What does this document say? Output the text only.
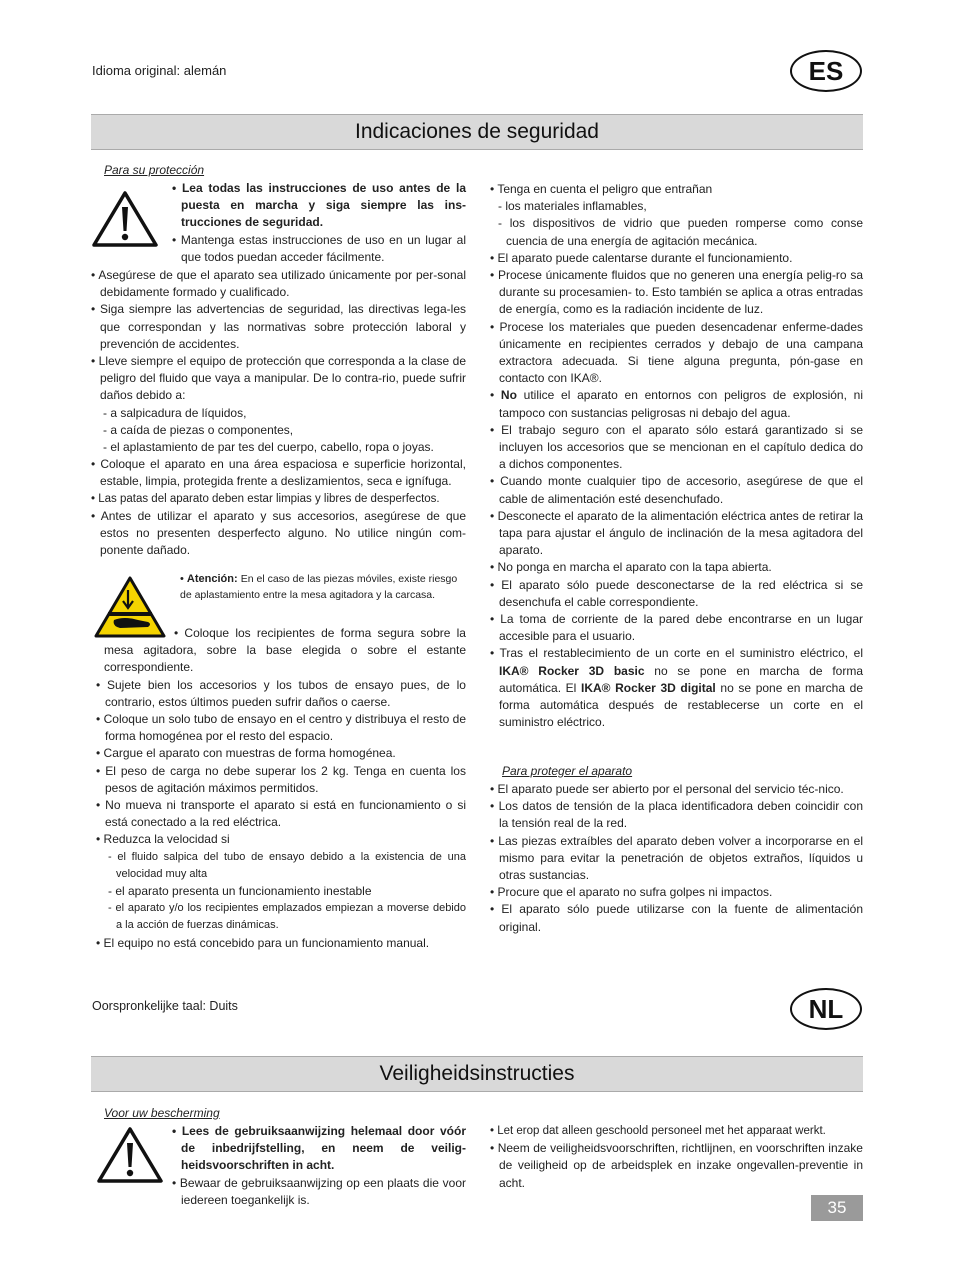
Idioma original: alemán	ES
Indicaciones de seguridad
Para su protección

• Lea todas las instrucciones de uso antes de la puesta en marcha y siga siempre las ins-trucciones de seguridad.

• Mantenga estas instrucciones de uso en un lugar al que todos puedan acceder fácilmente.

• Asegúrese de que el aparato sea utilizado únicamente por per-sonal debidamente formado y cualificado.

• Siga siempre las advertencias de seguridad, las directivas lega-les que correspondan y las normativas sobre protección laboral y prevención de accidentes.

• Lleve siempre el equipo de protección que corresponda a la clase de peligro del fluido que vaya a manipular. De lo contra-rio, puede sufrir daños debido a:

- a salpicadura de líquidos,

- a caída de piezas o componentes,

- el aplastamiento de par tes del cuerpo, cabello, ropa o joyas.

• Coloque el aparato en una área espaciosa e superficie horizontal, estable, limpia, protegida frente a deslizamientos, seca e ignífuga.

• Las patas del aparato deben estar limpias y libres de desperfectos.

• Antes de utilizar el aparato y sus accesorios, asegúrese de que estos no presenten desperfecto alguno. No utilice ningún com-ponente dañado.

• Atención: En el caso de las piezas móviles, existe riesgo de aplastamiento entre la mesa agitadora y la carcasa.

• Coloque los recipientes de forma segura sobre la mesa agitadora, sobre la base elegida o sobre el estante correspondiente.

• Sujete bien los accesorios y los tubos de ensayo pues, de lo contrario, estos últimos pueden sufrir daños o caerse.

• Coloque un solo tubo de ensayo en el centro y distribuya el resto de forma homogénea por el resto del espacio.

• Cargue el aparato con muestras de forma homogénea.

• El peso de carga no debe superar los 2 kg. Tenga en cuenta los pesos de agitación máximos permitidos.

• No mueva ni transporte el aparato si está en funcionamiento o si está conectado a la red eléctrica.

• Reduzca la velocidad si

- el fluido salpica del tubo de ensayo debido a la existencia de una velocidad muy alta

- el aparato presenta un funcionamiento inestable

- el aparato y/o los recipientes emplazados empiezan a moverse debido a la acción de fuerzas dinámicas.

• El equipo no está concebido para un funcionamiento manual.

• Tenga en cuenta el peligro que entrañan

- los materiales inflamables,

- los dispositivos de vidrio que pueden romperse como conse cuencia de una energía de agitación mecánica.

• El aparato puede calentarse durante el funcionamiento.

• Procese únicamente fluidos que no generen una energía pelig-ro sa durante su procesamien- to. Esto también se aplica a otras entradas de energía, como es la radiación incidente de luz.

• Procese los materiales que pueden desencadenar enferme-dades únicamente en recipientes cerrados y debajo de una campana extractora adecuada. Si tiene alguna pregunta, pón-gase en contacto con IKA®.

• No utilice el aparato en entornos con peligros de explosión, ni tampoco con sustancias peligrosas ni debajo del agua.

• El trabajo seguro con el aparato sólo estará garantizado si se incluyen los accesorios que se mencionan en el capítulo dedica do a dichos componentes.

• Cuando monte cualquier tipo de accesorio, asegúrese de que el cable de alimentación esté desenchufado.

• Desconecte el aparato de la alimentación eléctrica antes de retirar la tapa para ajustar el ángulo de inclinación de la mesa agitadora del aparato.

• No ponga en marcha el aparato con la tapa abierta.

• El aparato sólo puede desconectarse de la red eléctrica si se desenchufa el cable correspondiente.

• La toma de corriente de la pared debe encontrarse en un lugar accesible para el usuario.

• Tras el restablecimiento de un corte en el suministro eléctrico, el IKA® Rocker 3D basic no se pone en marcha de forma automática. El IKA® Rocker 3D digital no se pone en marcha de forma automática después de restablecerse un corte en el suministro eléctrico.

Para proteger el aparato

• El aparato puede ser abierto por el personal del servicio téc-nico.

• Los datos de tensión de la placa identificadora deben coincidir con la tensión real de la red.

• Las piezas extraíbles del aparato deben volver a incorporarse en el mismo para evitar la penetración de objetos extraños, líquidos u otras sustancias.

• Procure que el aparato no sufra golpes ni impactos.

• El aparato sólo puede utilizarse con la fuente de alimentación original.

Oorspronkelijke taal: Duits	NL
Veiligheidsinstructies
Voor uw bescherming

• Lees de gebruiksaanwijzing helemaal door vóór de inbedrijfstelling, en neem de veilig-heidsvoorschriften in acht.

• Bewaar de gebruiksaanwijzing op een plaats die voor iedereen toegankelijk is.

• Let erop dat alleen geschoold personeel met het apparaat werkt.

• Neem de veiligheidsvoorschriften, richtlijnen, en voorschriften inzake de veiligheid op de arbeidsplek en inzake ongevallen-preventie in acht.

35
